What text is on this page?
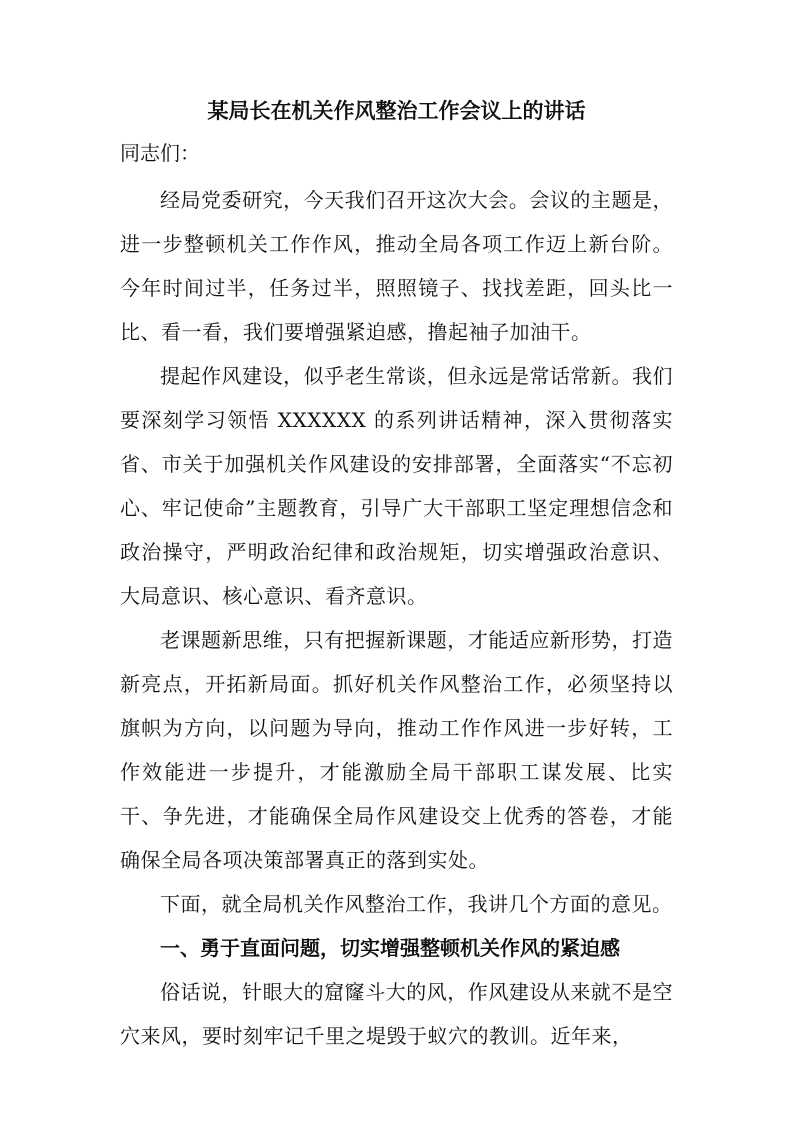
某局长在机关作风整治工作会议上的讲话

同志们：

经局党委研究，今天我们召开这次大会。会议的主题是，进一步整顿机关工作作风，推动全局各项工作迈上新台阶。今年时间过半，任务过半，照照镜子、找找差距，回头比一比、看一看，我们要增强紧迫感，撸起袖子加油干。

提起作风建设，似乎老生常谈，但永远是常话常新。我们要深刻学习领悟 XXXXXX 的系列讲话精神，深入贯彻落实省、市关于加强机关作风建设的安排部署，全面落实“不忘初心、牢记使命”主题教育，引导广大干部职工坚定理想信念和政治操守，严明政治纪律和政治规矩，切实增强政治意识、大局意识、核心意识、看齐意识。

老课题新思维，只有把握新课题，才能适应新形势，打造新亮点，开拓新局面。抓好机关作风整治工作，必须坚持以旗帜为方向，以问题为导向，推动工作作风进一步好转，工作效能进一步提升，才能激励全局干部职工谋发展、比实干、争先进，才能确保全局作风建设交上优秀的答卷，才能确保全局各项决策部署真正的落到实处。

下面，就全局机关作风整治工作，我讲几个方面的意见。

一、勇于直面问题，切实增强整顿机关作风的紧迫感

俗话说，针眼大的窟窿斗大的风，作风建设从来就不是空穴来风，要时刻牢记千里之堤毁于蚁穴的教训。近年来，
